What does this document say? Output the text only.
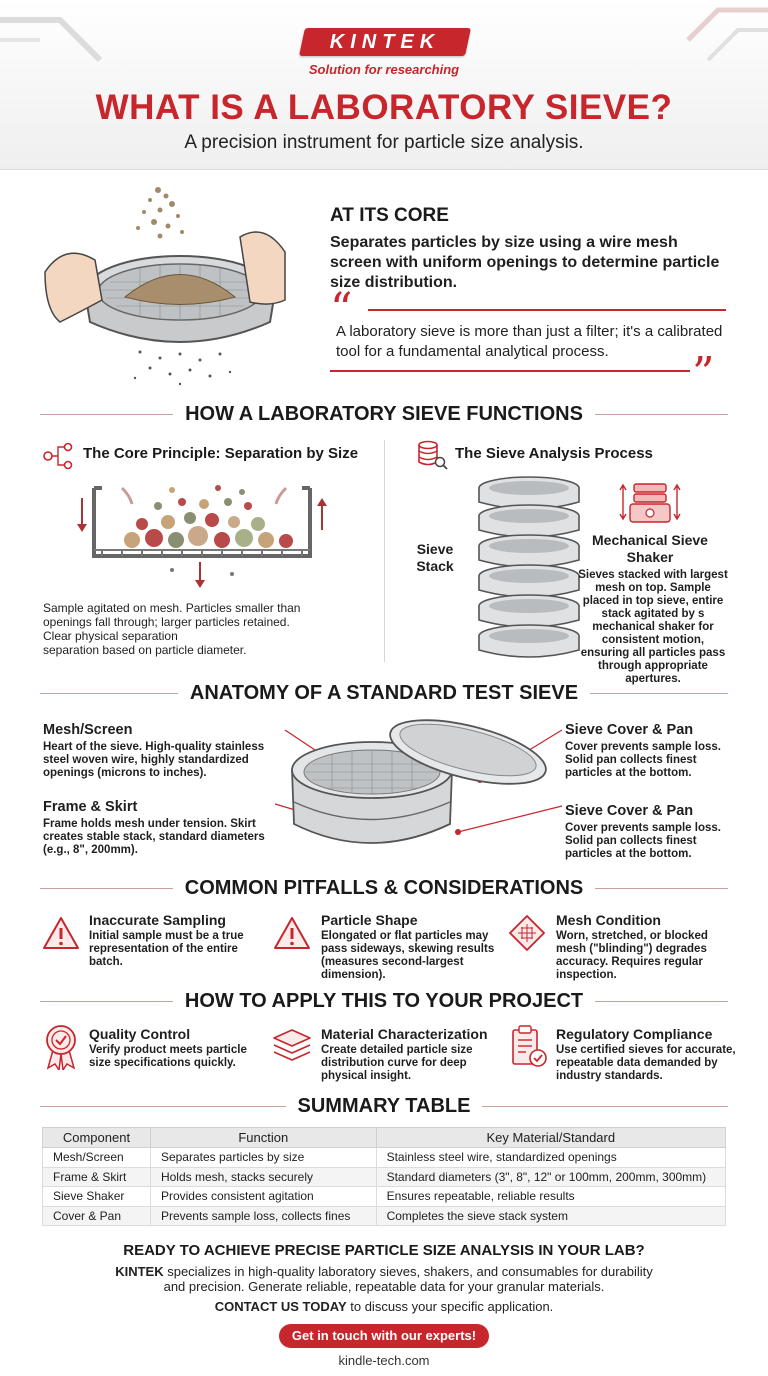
KINTEK
Solution for researching
WHAT IS A LABORATORY SIEVE?
A precision instrument for particle size analysis.
AT ITS CORE
Separates particles by size using a wire mesh screen with uniform openings to determine particle size distribution.
“
A laboratory sieve is more than just a filter; it's a calibrated tool for a fundamental analytical process.	”
HOW A LABORATORY SIEVE FUNCTIONS
The Core Principle: Separation by Size
Sample agitated on mesh. Particles smaller than
openings fall through; larger particles retained.
Clear physical separation
separation based on particle diameter.
The Sieve Analysis Process
Sieve Stack
Mechanical Sieve Shaker
Sieves stacked with largest mesh on top. Sample placed in top sieve, entire stack agitated by s mechanical shaker for consistent motion, ensuring all particles pass through appropriate apertures.
ANATOMY OF A STANDARD TEST SIEVE
Mesh/Screen
Heart of the sieve. High-quality stainless steel woven wire, highly standardized openings (microns to inches).
Frame & Skirt
Frame holds mesh under tension. Skirt creates stable stack, standard diameters (e.g., 8", 200mm).
Sieve Cover & Pan
Cover prevents sample loss. Solid pan collects finest particles at the bottom.
Sieve Cover & Pan
Cover prevents sample loss. Solid pan collects finest particles at the bottom.
COMMON PITFALLS & CONSIDERATIONS
Inaccurate Sampling
Initial sample must be a true representation of the entire batch.
Particle Shape
Elongated or flat particles may pass sideways, skewing results (measures second-largest dimension).
Mesh Condition
Worn, stretched, or blocked mesh ("blinding") degrades accuracy. Requires regular inspection.
HOW TO APPLY THIS TO YOUR PROJECT
Quality Control
Verify product meets particle size specifications quickly.
Material Characterization
Create detailed particle size distribution curve for deep physical insight.
Regulatory Compliance
Use certified sieves for accurate, repeatable data demanded by industry standards.
SUMMARY TABLE
Component	Function	Key Material/Standard
Mesh/Screen	Separates particles by size	Stainless steel wire, standardized openings
Frame & Skirt	Holds mesh, stacks securely	Standard diameters (3", 8", 12" or 100mm, 200mm, 300mm)
Sieve Shaker	Provides consistent agitation	Ensures repeatable, reliable results
Cover & Pan	Prevents sample loss, collects fines	Completes the sieve stack system
READY TO ACHIEVE PRECISE PARTICLE SIZE ANALYSIS IN YOUR LAB?
KINTEK specializes in high-quality laboratory sieves, shakers, and consumables for durability
and precision. Generate reliable, repeatable data for your granular materials.
CONTACT US TODAY to discuss your specific application.
Get in touch with our experts!
kindle-tech.com
